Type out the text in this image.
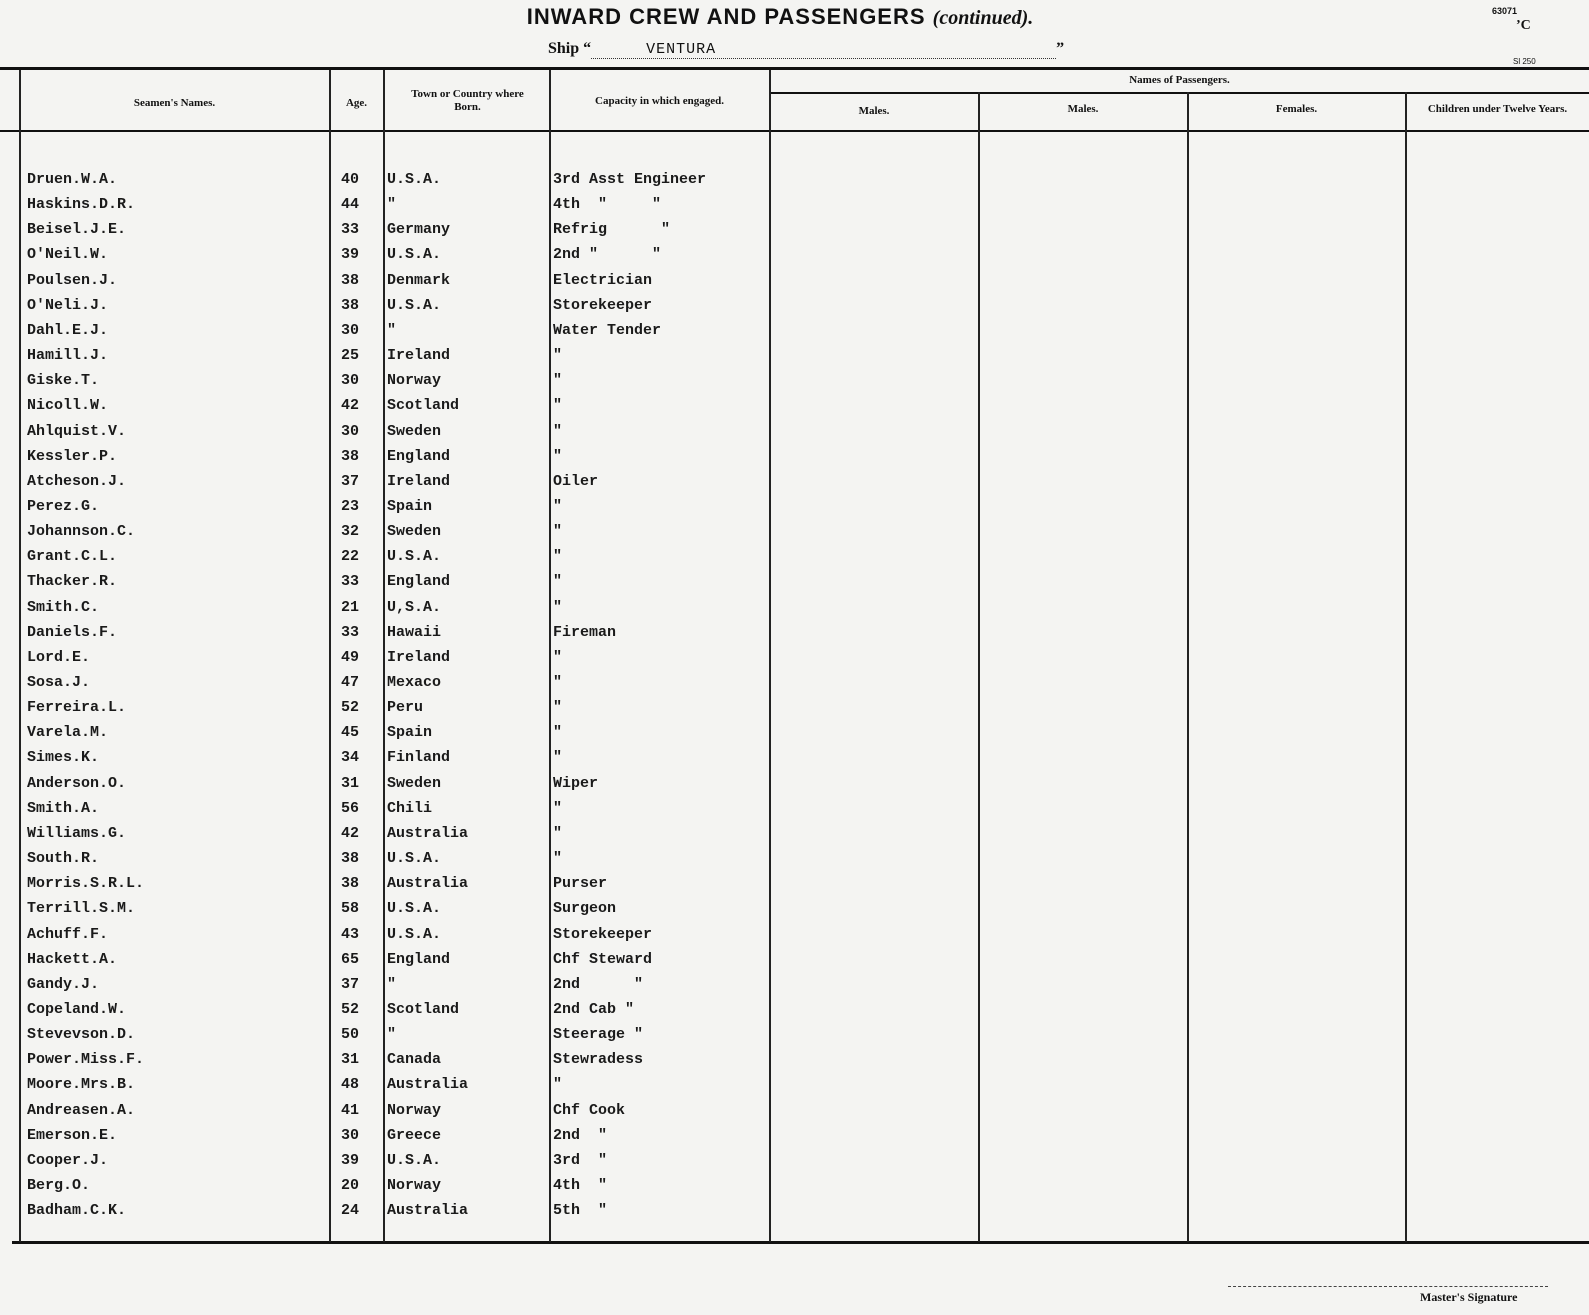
INWARD CREW AND PASSENGERS (continued).
Ship “	VENTURA	”
63071
’C
Sl 250
Seamen's Names.	Age.
Town or Country where Born.	Capacity in which engaged.
Names of Passengers.
Males.	Males.	Females.	Children under Twelve Years.
Druen.W.A.	40	U.S.A.	3rd Asst Engineer
Haskins.D.R.	44	"	4th  "     "
Beisel.J.E.	33	Germany	Refrig      "
O'Neil.W.	39	U.S.A.	2nd "      "
Poulsen.J.	38	Denmark	Electrician
O'Neli.J.	38	U.S.A.	Storekeeper
Dahl.E.J.	30	"	Water Tender
Hamill.J.	25	Ireland	"
Giske.T.	30	Norway	"
Nicoll.W.	42	Scotland	"
Ahlquist.V.	30	Sweden	"
Kessler.P.	38	England	"
Atcheson.J.	37	Ireland	Oiler
Perez.G.	23	Spain	"
Johannson.C.	32	Sweden	"
Grant.C.L.	22	U.S.A.	"
Thacker.R.	33	England	"
Smith.C.	21	U,S.A.	"
Daniels.F.	33	Hawaii	Fireman
Lord.E.	49	Ireland	"
Sosa.J.	47	Mexaco	"
Ferreira.L.	52	Peru	"
Varela.M.	45	Spain	"
Simes.K.	34	Finland	"
Anderson.O.	31	Sweden	Wiper
Smith.A.	56	Chili	"
Williams.G.	42	Australia	"
South.R.	38	U.S.A.	"
Morris.S.R.L.	38	Australia	Purser
Terrill.S.M.	58	U.S.A.	Surgeon
Achuff.F.	43	U.S.A.	Storekeeper
Hackett.A.	65	England	Chf Steward
Gandy.J.	37	"	2nd      "
Copeland.W.	52	Scotland	2nd Cab "
Stevevson.D.	50	"	Steerage "
Power.Miss.F.	31	Canada	Stewradess
Moore.Mrs.B.	48	Australia	"
Andreasen.A.	41	Norway	Chf Cook
Emerson.E.	30	Greece	2nd  "
Cooper.J.	39	U.S.A.	3rd  "
Berg.O.	20	Norway	4th  "
Badham.C.K.	24	Australia	5th  "
Master's Signature
